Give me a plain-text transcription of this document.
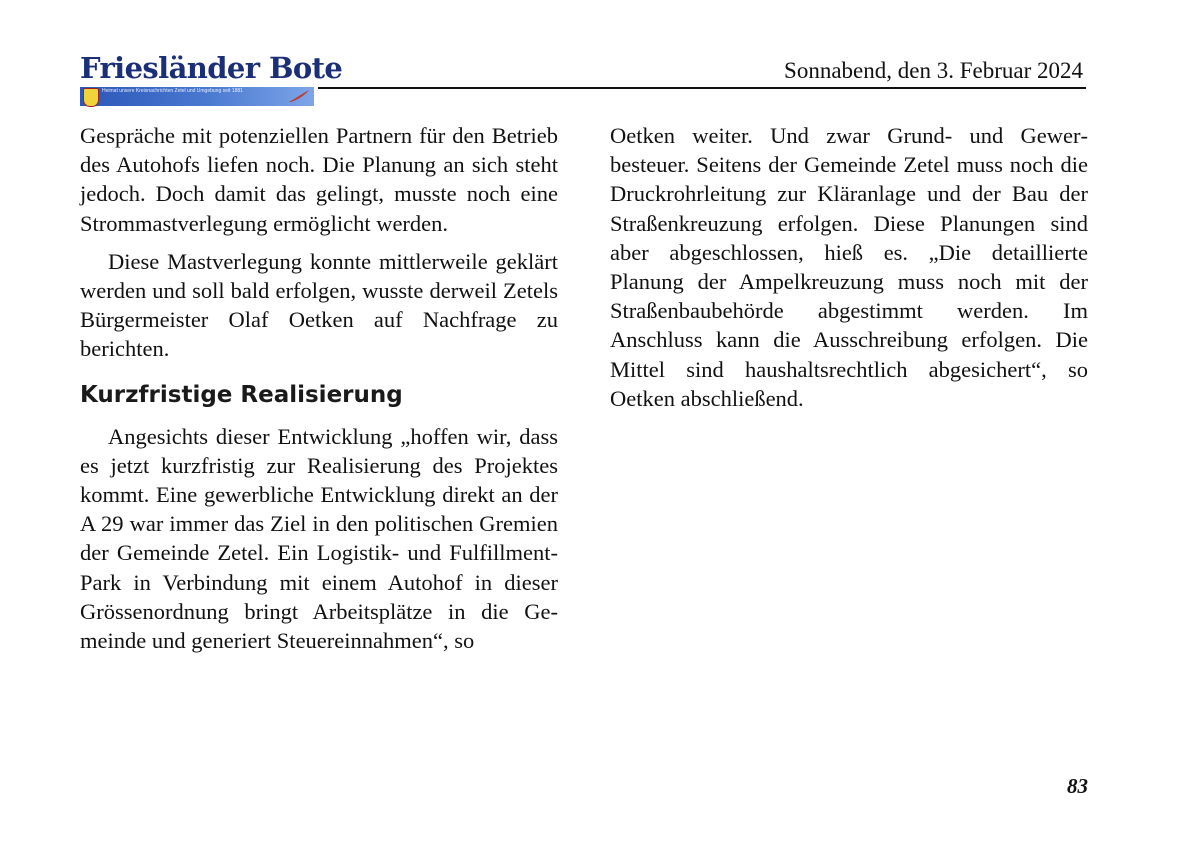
Friesländer Bote
Heimat unsere Kreisnachrichten Zetel und Umgebung seit 1881
Sonnabend, den 3. Februar 2024

Gespräche mit potenziellen Partnern für den Betrieb des Autohofs liefen noch. Die Planung an sich steht jedoch. Doch damit das gelingt, musste noch eine Strommastverlegung ermöglicht werden.

Diese Mastverlegung konnte mittlerweile geklärt werden und soll bald erfolgen, wusste derweil Zetels Bürgermeister Olaf Oetken auf Nachfrage zu berichten.

Kurzfristige Realisierung

Angesichts dieser Entwicklung „hoffen wir, dass es jetzt kurzfristig zur Realisierung des Projektes kommt. Eine gewerbliche Entwicklung direkt an der A 29 war immer das Ziel in den politischen Gremien der Gemeinde Zetel. Ein Logistik- und Fulfillment-Park in Verbindung mit einem Autohof in dieser Grössenordnung bringt Arbeitsplätze in die Gemeinde und generiert Steuereinnahmen“, so

Oetken weiter. Und zwar Grund- und Gewerbesteuer. Seitens der Gemeinde Zetel muss noch die Druckrohrleitung zur Kläranlage und der Bau der Straßenkreuzung erfolgen. Diese Planungen sind aber abgeschlossen, hieß es. „Die detaillierte Planung der Ampelkreuzung muss noch mit der Straßenbaubehörde abgestimmt werden. Im Anschluss kann die Ausschreibung erfolgen. Die Mittel sind haushaltsrechtlich abgesichert“, so Oetken abschließend.

83
